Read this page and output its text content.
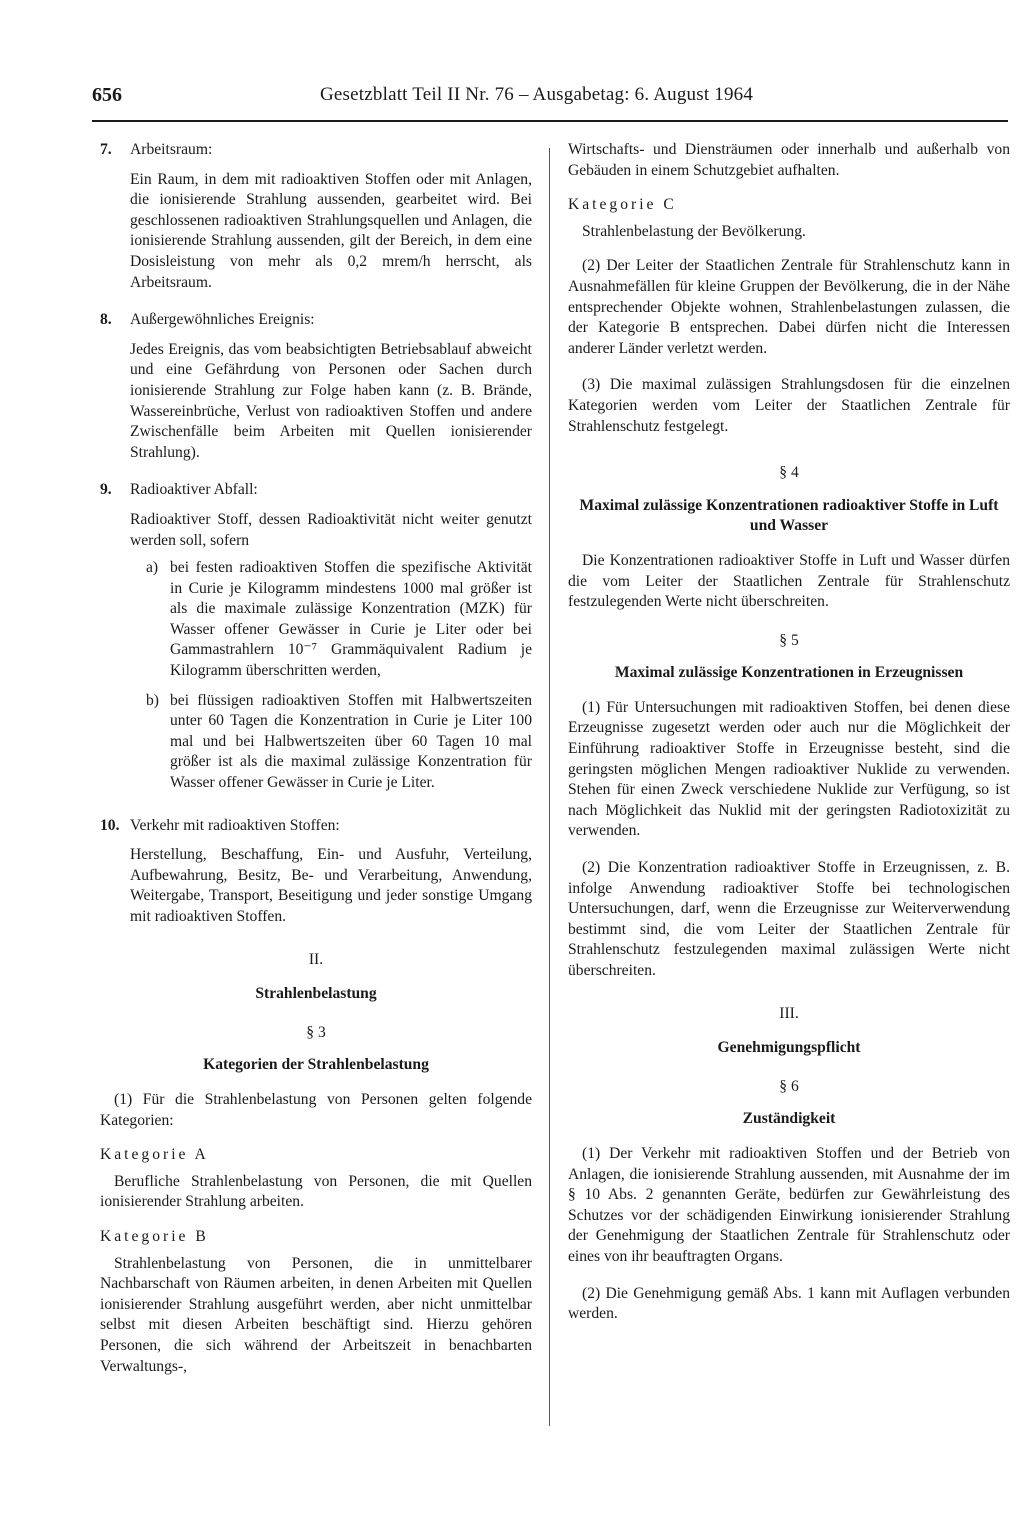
656	Gesetzblatt Teil II Nr. 76 – Ausgabetag: 6. August 1964
7. Arbeitsraum:

Ein Raum, in dem mit radioaktiven Stoffen oder mit Anlagen, die ionisierende Strahlung aussenden, gearbeitet wird. Bei geschlossenen radioaktiven Strahlungsquellen und Anlagen, die ionisierende Strahlung aussenden, gilt der Bereich, in dem eine Dosisleistung von mehr als 0,2 mrem/h herrscht, als Arbeitsraum.

8. Außergewöhnliches Ereignis:

Jedes Ereignis, das vom beabsichtigten Betriebsablauf abweicht und eine Gefährdung von Personen oder Sachen durch ionisierende Strahlung zur Folge haben kann (z. B. Brände, Wassereinbrüche, Verlust von radioaktiven Stoffen und andere Zwischenfälle beim Arbeiten mit Quellen ionisierender Strahlung).

9. Radioaktiver Abfall:

Radioaktiver Stoff, dessen Radioaktivität nicht weiter genutzt werden soll, sofern

a) bei festen radioaktiven Stoffen die spezifische Aktivität in Curie je Kilogramm mindestens 1000 mal größer ist als die maximale zulässige Konzentration (MZK) für Wasser offener Gewässer in Curie je Liter oder bei Gammastrahlern 10⁻⁷ Grammäquivalent Radium je Kilogramm überschritten werden,

b) bei flüssigen radioaktiven Stoffen mit Halbwertszeiten unter 60 Tagen die Konzentration in Curie je Liter 100 mal und bei Halbwertszeiten über 60 Tagen 10 mal größer ist als die maximal zulässige Konzentration für Wasser offener Gewässer in Curie je Liter.

10. Verkehr mit radioaktiven Stoffen:

Herstellung, Beschaffung, Ein- und Ausfuhr, Verteilung, Aufbewahrung, Besitz, Be- und Verarbeitung, Anwendung, Weitergabe, Transport, Beseitigung und jeder sonstige Umgang mit radioaktiven Stoffen.

II.

Strahlenbelastung

§ 3

Kategorien der Strahlenbelastung

(1) Für die Strahlenbelastung von Personen gelten folgende Kategorien:

Kategorie A

Berufliche Strahlenbelastung von Personen, die mit Quellen ionisierender Strahlung arbeiten.

Kategorie B

Strahlenbelastung von Personen, die in unmittelbarer Nachbarschaft von Räumen arbeiten, in denen Arbeiten mit Quellen ionisierender Strahlung ausgeführt werden, aber nicht unmittelbar selbst mit diesen Arbeiten beschäftigt sind. Hierzu gehören Personen, die sich während der Arbeitszeit in benachbarten Verwaltungs-,

Wirtschafts- und Diensträumen oder innerhalb und außerhalb von Gebäuden in einem Schutzgebiet aufhalten.

Kategorie C

Strahlenbelastung der Bevölkerung.

(2) Der Leiter der Staatlichen Zentrale für Strahlenschutz kann in Ausnahmefällen für kleine Gruppen der Bevölkerung, die in der Nähe entsprechender Objekte wohnen, Strahlenbelastungen zulassen, die der Kategorie B entsprechen. Dabei dürfen nicht die Interessen anderer Länder verletzt werden.

(3) Die maximal zulässigen Strahlungsdosen für die einzelnen Kategorien werden vom Leiter der Staatlichen Zentrale für Strahlenschutz festgelegt.

§ 4

Maximal zulässige Konzentrationen radioaktiver Stoffe in Luft und Wasser

Die Konzentrationen radioaktiver Stoffe in Luft und Wasser dürfen die vom Leiter der Staatlichen Zentrale für Strahlenschutz festzulegenden Werte nicht überschreiten.

§ 5

Maximal zulässige Konzentrationen in Erzeugnissen

(1) Für Untersuchungen mit radioaktiven Stoffen, bei denen diese Erzeugnisse zugesetzt werden oder auch nur die Möglichkeit der Einführung radioaktiver Stoffe in Erzeugnisse besteht, sind die geringsten möglichen Mengen radioaktiver Nuklide zu verwenden. Stehen für einen Zweck verschiedene Nuklide zur Verfügung, so ist nach Möglichkeit das Nuklid mit der geringsten Radiotoxizität zu verwenden.

(2) Die Konzentration radioaktiver Stoffe in Erzeugnissen, z. B. infolge Anwendung radioaktiver Stoffe bei technologischen Untersuchungen, darf, wenn die Erzeugnisse zur Weiterverwendung bestimmt sind, die vom Leiter der Staatlichen Zentrale für Strahlenschutz festzulegenden maximal zulässigen Werte nicht überschreiten.

III.

Genehmigungspflicht

§ 6

Zuständigkeit

(1) Der Verkehr mit radioaktiven Stoffen und der Betrieb von Anlagen, die ionisierende Strahlung aussenden, mit Ausnahme der im § 10 Abs. 2 genannten Geräte, bedürfen zur Gewährleistung des Schutzes vor der schädigenden Einwirkung ionisierender Strahlung der Genehmigung der Staatlichen Zentrale für Strahlenschutz oder eines von ihr beauftragten Organs.

(2) Die Genehmigung gemäß Abs. 1 kann mit Auflagen verbunden werden.
